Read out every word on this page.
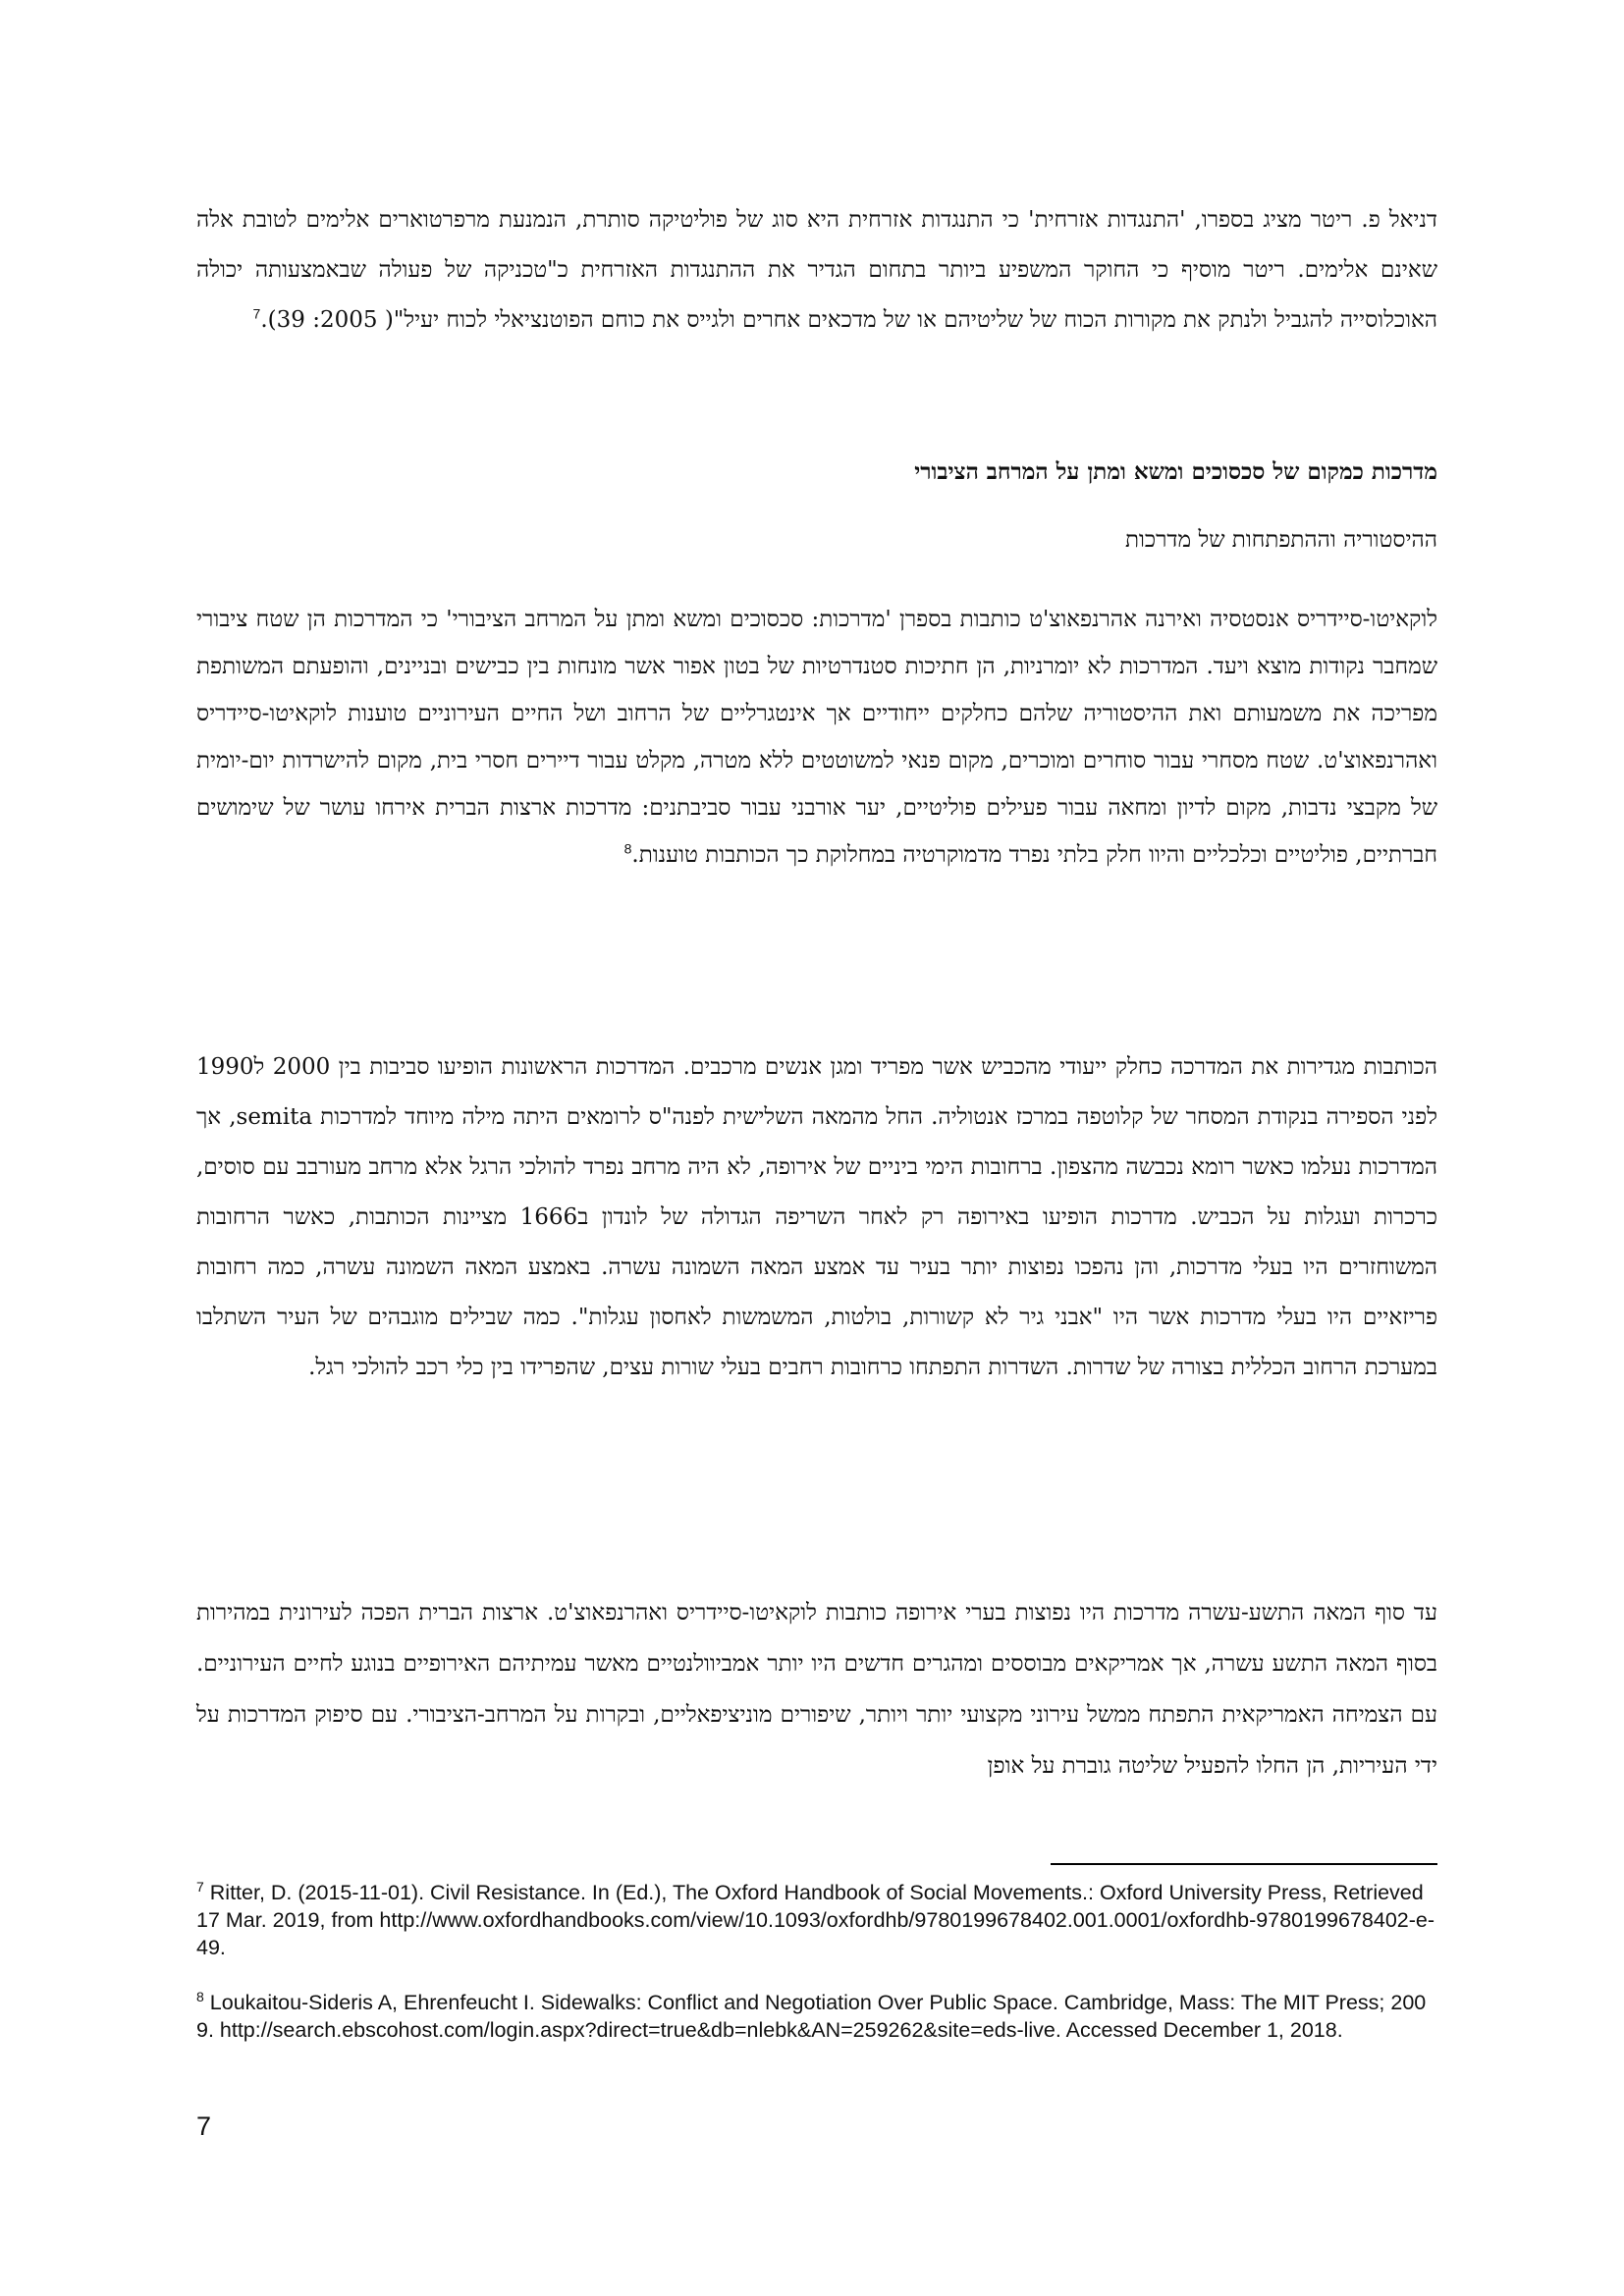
דניאל פ. ריטר מציג בספרו, 'התנגדות אזרחית' כי התנגדות אזרחית היא סוג של פוליטיקה סותרת, הנמנעת מרפרטוארים אלימים לטובת אלה שאינם אלימים. ריטר מוסיף כי החוקר המשפיע ביותר בתחום הגדיר את ההתנגדות האזרחית כ"טכניקה של פעולה שבאמצעותה יכולה האוכלוסייה להגביל ולנתק את מקורות הכוח של שליטיהם או של מדכאים אחרים ולגייס את כוחם הפוטנציאלי לכוח יעיל"( 2005: 39).$^7$

מדרכות כמקום של סכסוכים ומשא ומתן על המרחב הציבורי

ההיסטוריה וההתפתחות של מדרכות

לוקאיטו-סיידריס אנסטסיה ואירנה אהרנפאוצ'ט כותבות בספרן 'מדרכות: סכסוכים ומשא ומתן על המרחב הציבורי' כי המדרכות הן שטח ציבורי שמחבר נקודות מוצא ויעד. המדרכות לא יומרניות, הן חתיכות סטנדרטיות של בטון אפור אשר מונחות בין כבישים ובניינים, והופעתם המשותפת מפריכה את משמעותם ואת ההיסטוריה שלהם כחלקים ייחודיים אך אינטגרליים של הרחוב ושל החיים העירוניים טוענות לוקאיטו-סיידריס ואהרנפאוצ'ט. שטח מסחרי עבור סוחרים ומוכרים, מקום פנאי למשוטטים ללא מטרה, מקלט עבור דיירים חסרי בית, מקום להישרדות יום-יומית של מקבצי נדבות, מקום לדיון ומחאה עבור פעילים פוליטיים, יער אורבני עבור סביבתנים: מדרכות ארצות הברית אירחו עושר של שימושים חברתיים, פוליטיים וכלכליים והיוו חלק בלתי נפרד מדמוקרטיה במחלוקת כך הכותבות טוענות.$^8$

הכותבות מגדירות את המדרכה כחלק ייעודי מהכביש אשר מפריד ומגן אנשים מרכבים. המדרכות הראשונות הופיעו סביבות בין 2000 ל1990 לפני הספירה בנקודת המסחר של קלוטפה במרכז אנטוליה. החל מהמאה השלישית לפנה"ס לרומאים היתה מילה מיוחד למדרכות semita, אך המדרכות נעלמו כאשר רומא נכבשה מהצפון. ברחובות הימי ביניים של אירופה, לא היה מרחב נפרד להולכי הרגל אלא מרחב מעורבב עם סוסים, כרכרות ועגלות על הכביש. מדרכות הופיעו באירופה רק לאחר השריפה הגדולה של לונדון ב1666 מציינות הכותבות, כאשר הרחובות המשוחזרים היו בעלי מדרכות, והן נהפכו נפוצות יותר בעיר עד אמצע המאה השמונה עשרה. באמצע המאה השמונה עשרה, כמה רחובות פריזאיים היו בעלי מדרכות אשר היו "אבני גיר לא קשורות, בולטות, המשמשות לאחסון עגלות". כמה שבילים מוגבהים של העיר השתלבו במערכת הרחוב הכללית בצורה של שדרות. השדרות התפתחו כרחובות רחבים בעלי שורות עצים, שהפרידו בין כלי רכב להולכי רגל.

עד סוף המאה התשע-עשרה מדרכות היו נפוצות בערי אירופה כותבות לוקאיטו-סיידריס ואהרנפאוצ'ט. ארצות הברית הפכה לעירונית במהירות בסוף המאה התשע עשרה, אך אמריקאים מבוססים ומהגרים חדשים היו יותר אמביוולנטיים מאשר עמיתיהם האירופיים בנוגע לחיים העירוניים. עם הצמיחה האמריקאית התפתח ממשל עירוני מקצועי יותר ויותר, שיפורים מוניציפאליים, ובקרות על המרחב-הציבורי. עם סיפוק המדרכות על ידי העיריות, הן החלו להפעיל שליטה גוברת על אופן

$^7$ Ritter, D. (2015-11-01). Civil Resistance. In (Ed.), The Oxford Handbook of Social Movements.: Oxford University Press, Retrieved 17 Mar. 2019, from http://www.oxfordhandbooks.com/view/10.1093/oxfordhb/9780199678402.001.0001/oxfordhb-9780199678402-e-49.

$^8$ Loukaitou-Sideris A, Ehrenfeucht I. Sidewalks: Conflict and Negotiation Over Public Space. Cambridge, Mass: The MIT Press; 2009. http://search.ebscohost.com/login.aspx?direct=true&db=nlebk&AN=259262&site=eds-live. Accessed December 1, 2018.

7
